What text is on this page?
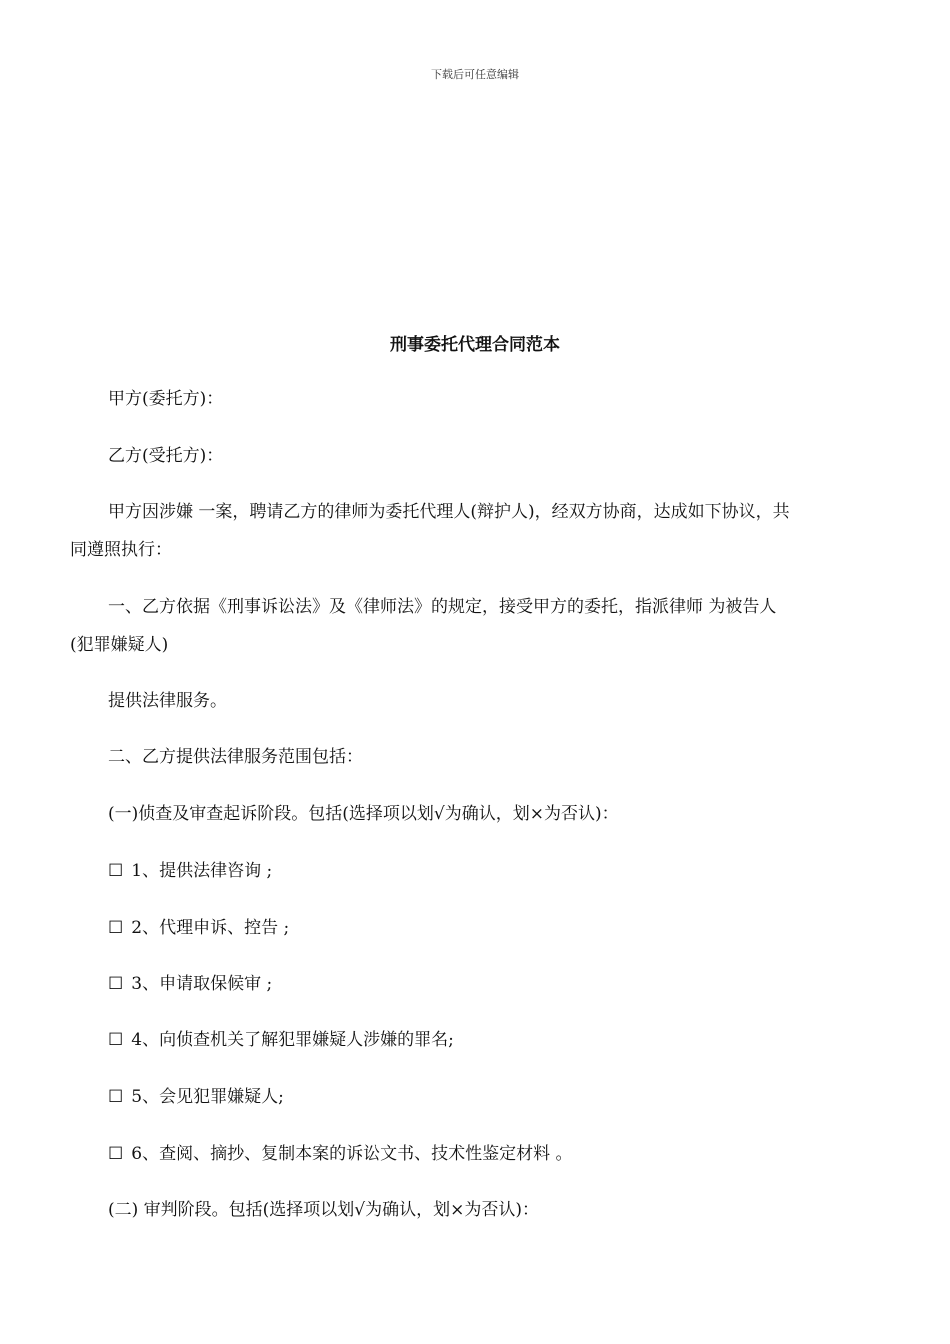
下载后可任意编辑
刑事委托代理合同范本
甲方(委托方)：
乙方(受托方)：
甲方因涉嫌 一案，聘请乙方的律师为委托代理人(辩护人)，经双方协商，达成如下协议，共
同遵照执行：
一、乙方依据《刑事诉讼法》及《律师法》的规定，接受甲方的委托，指派律师 为被告人
(犯罪嫌疑人)
提供法律服务。
二、乙方提供法律服务范围包括：
(一)侦查及审查起诉阶段。包括(选择项以划√为确认，划×为否认)：
☐ 1、提供法律咨询 ;
☐ 2、代理申诉、控告 ;
☐ 3、申请取保候审 ;
☐ 4、向侦查机关了解犯罪嫌疑人涉嫌的罪名;
☐ 5、会见犯罪嫌疑人;
☐ 6、查阅、摘抄、复制本案的诉讼文书、技术性鉴定材料 。
(二) 审判阶段。包括(选择项以划√为确认，划×为否认)：
